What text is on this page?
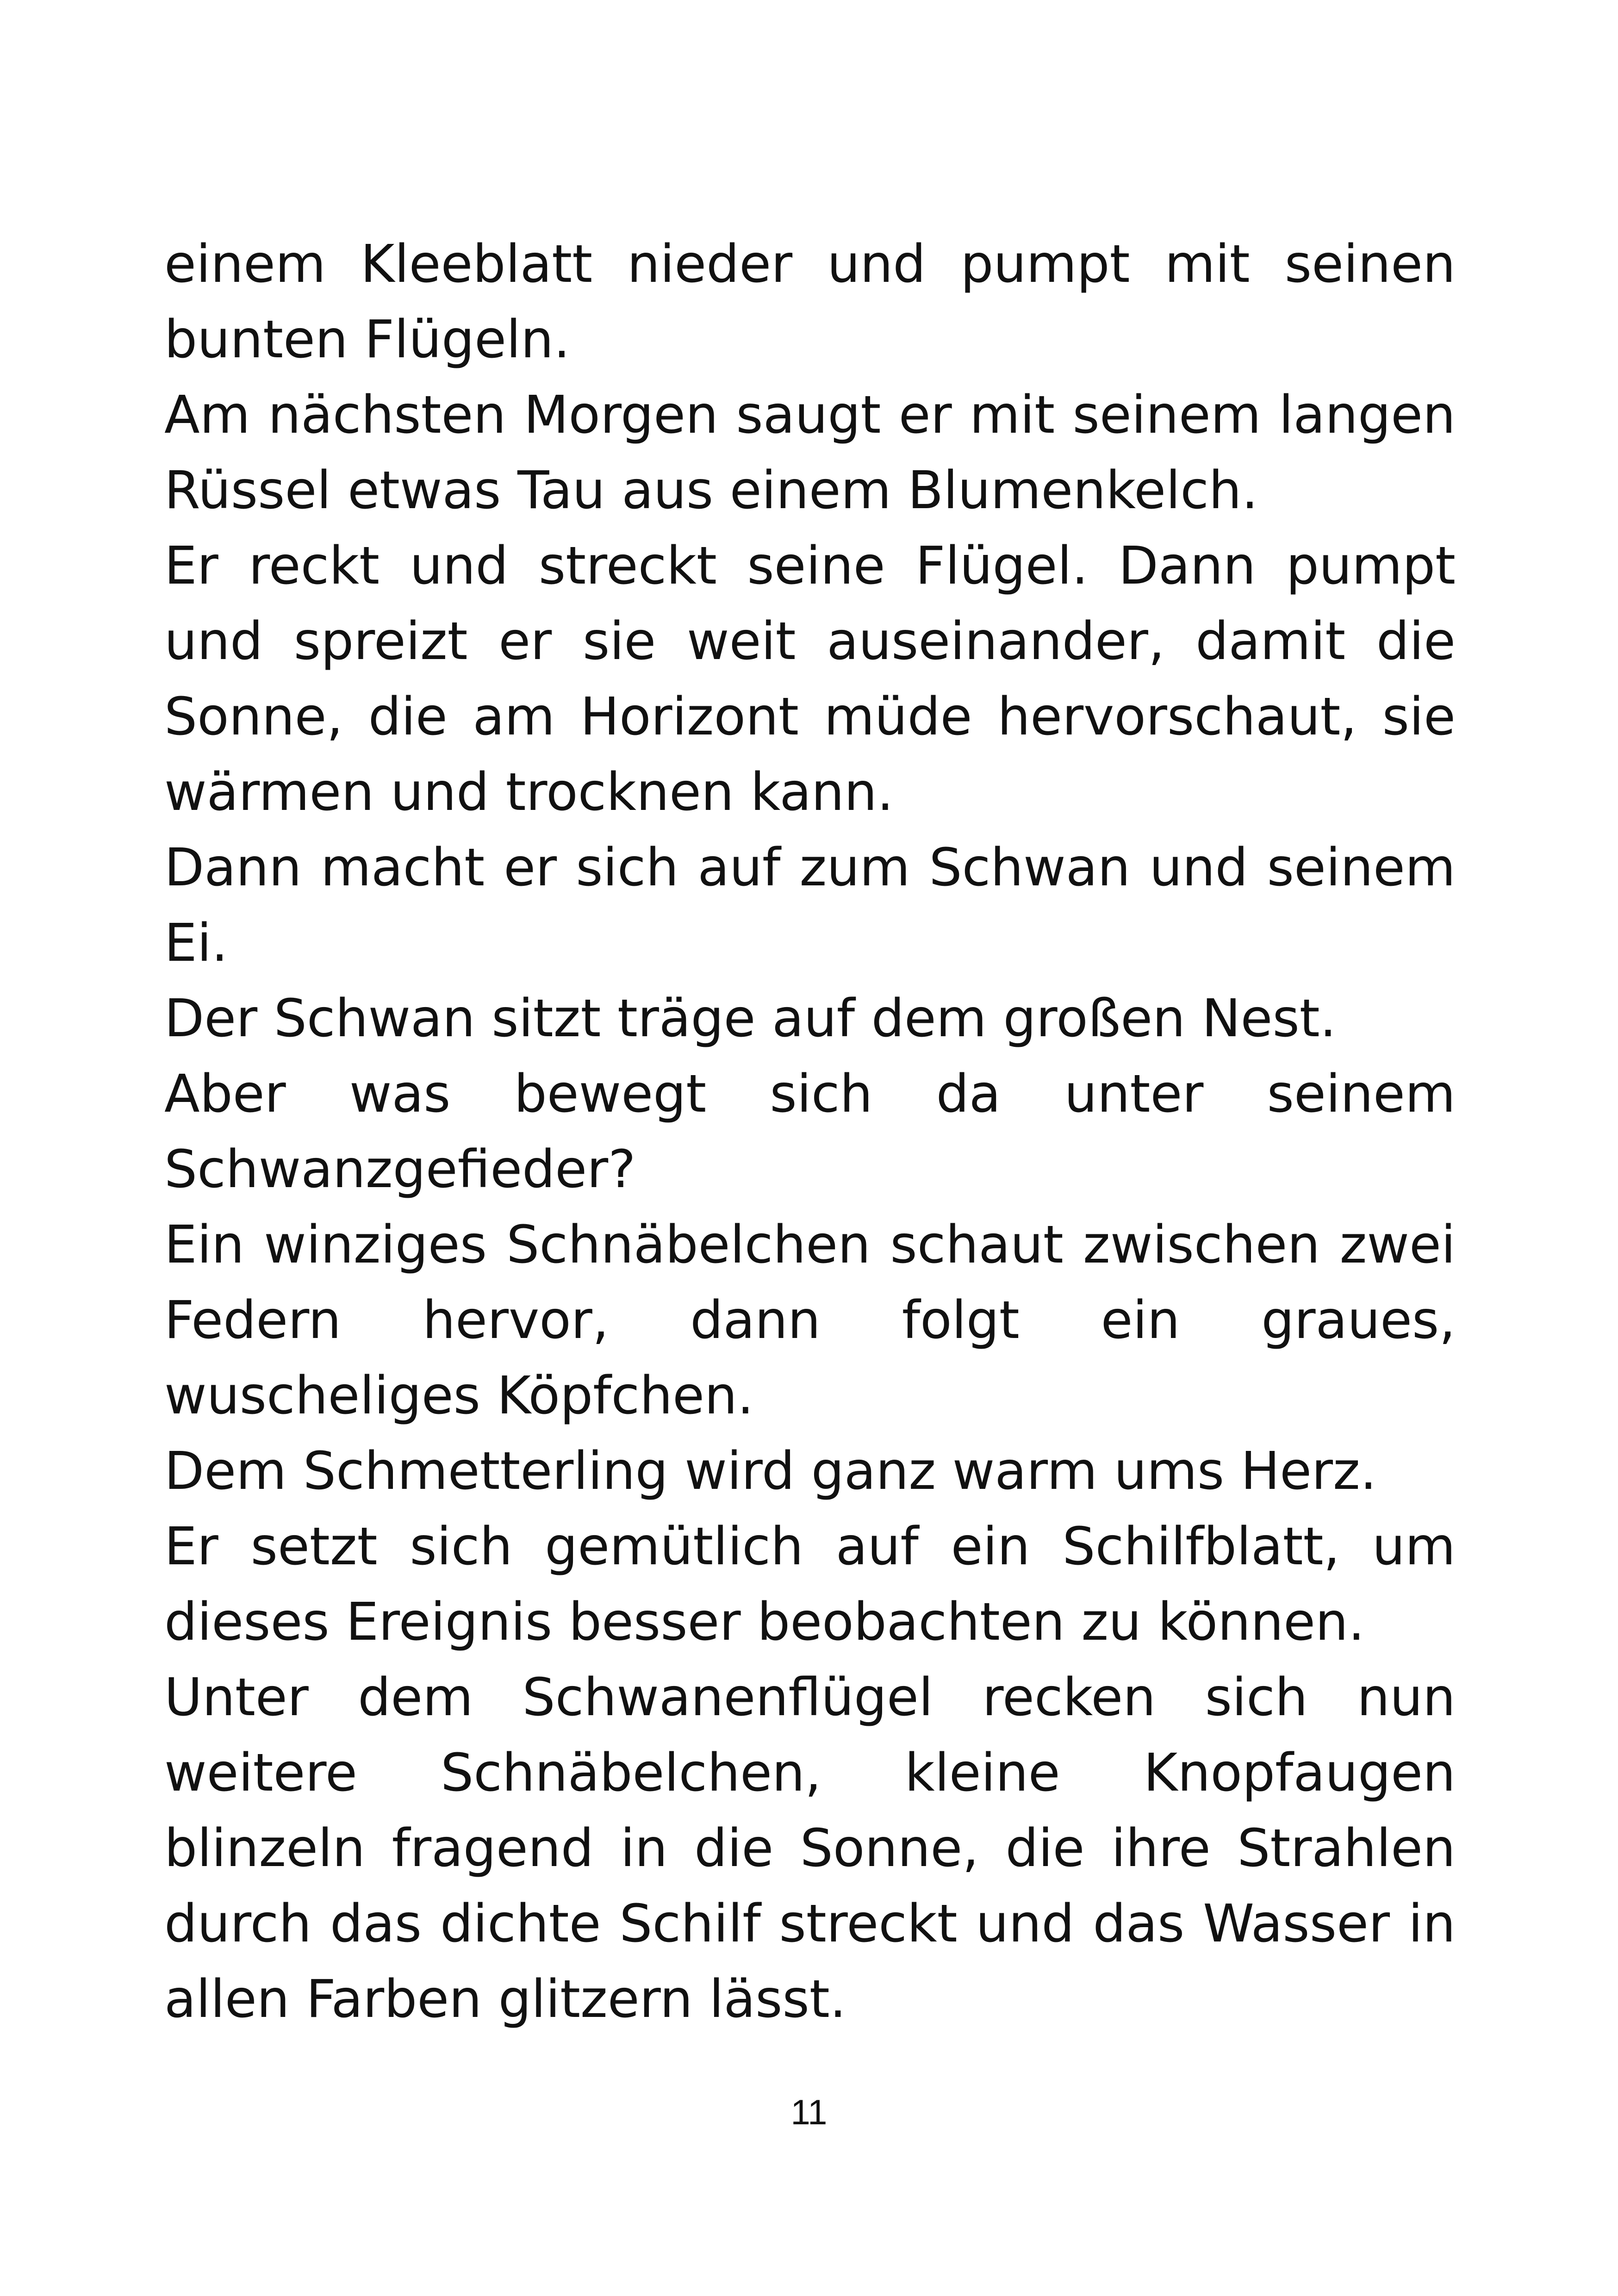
einem Kleeblatt nieder und pumpt mit seinen bunten Flügeln.

Am nächsten Morgen saugt er mit seinem langen Rüssel etwas Tau aus einem Blumenkelch.

Er reckt und streckt seine Flügel. Dann pumpt und spreizt er sie weit auseinander, damit die Sonne, die am Horizont müde hervorschaut, sie wärmen und trocknen kann.

Dann macht er sich auf zum Schwan und seinem Ei.

Der Schwan sitzt träge auf dem großen Nest.

Aber was bewegt sich da unter seinem Schwanzgefieder?

Ein winziges Schnäbelchen schaut zwischen zwei Federn hervor, dann folgt ein graues, wuscheliges Köpfchen.

Dem Schmetterling wird ganz warm ums Herz.

Er setzt sich gemütlich auf ein Schilfblatt, um dieses Ereignis besser beobachten zu können.

Unter dem Schwanenflügel recken sich nun weitere Schnäbelchen, kleine Knopfaugen blinzeln fragend in die Sonne, die ihre Strahlen durch das dichte Schilf streckt und das Wasser in allen Farben glitzern lässt.

11
